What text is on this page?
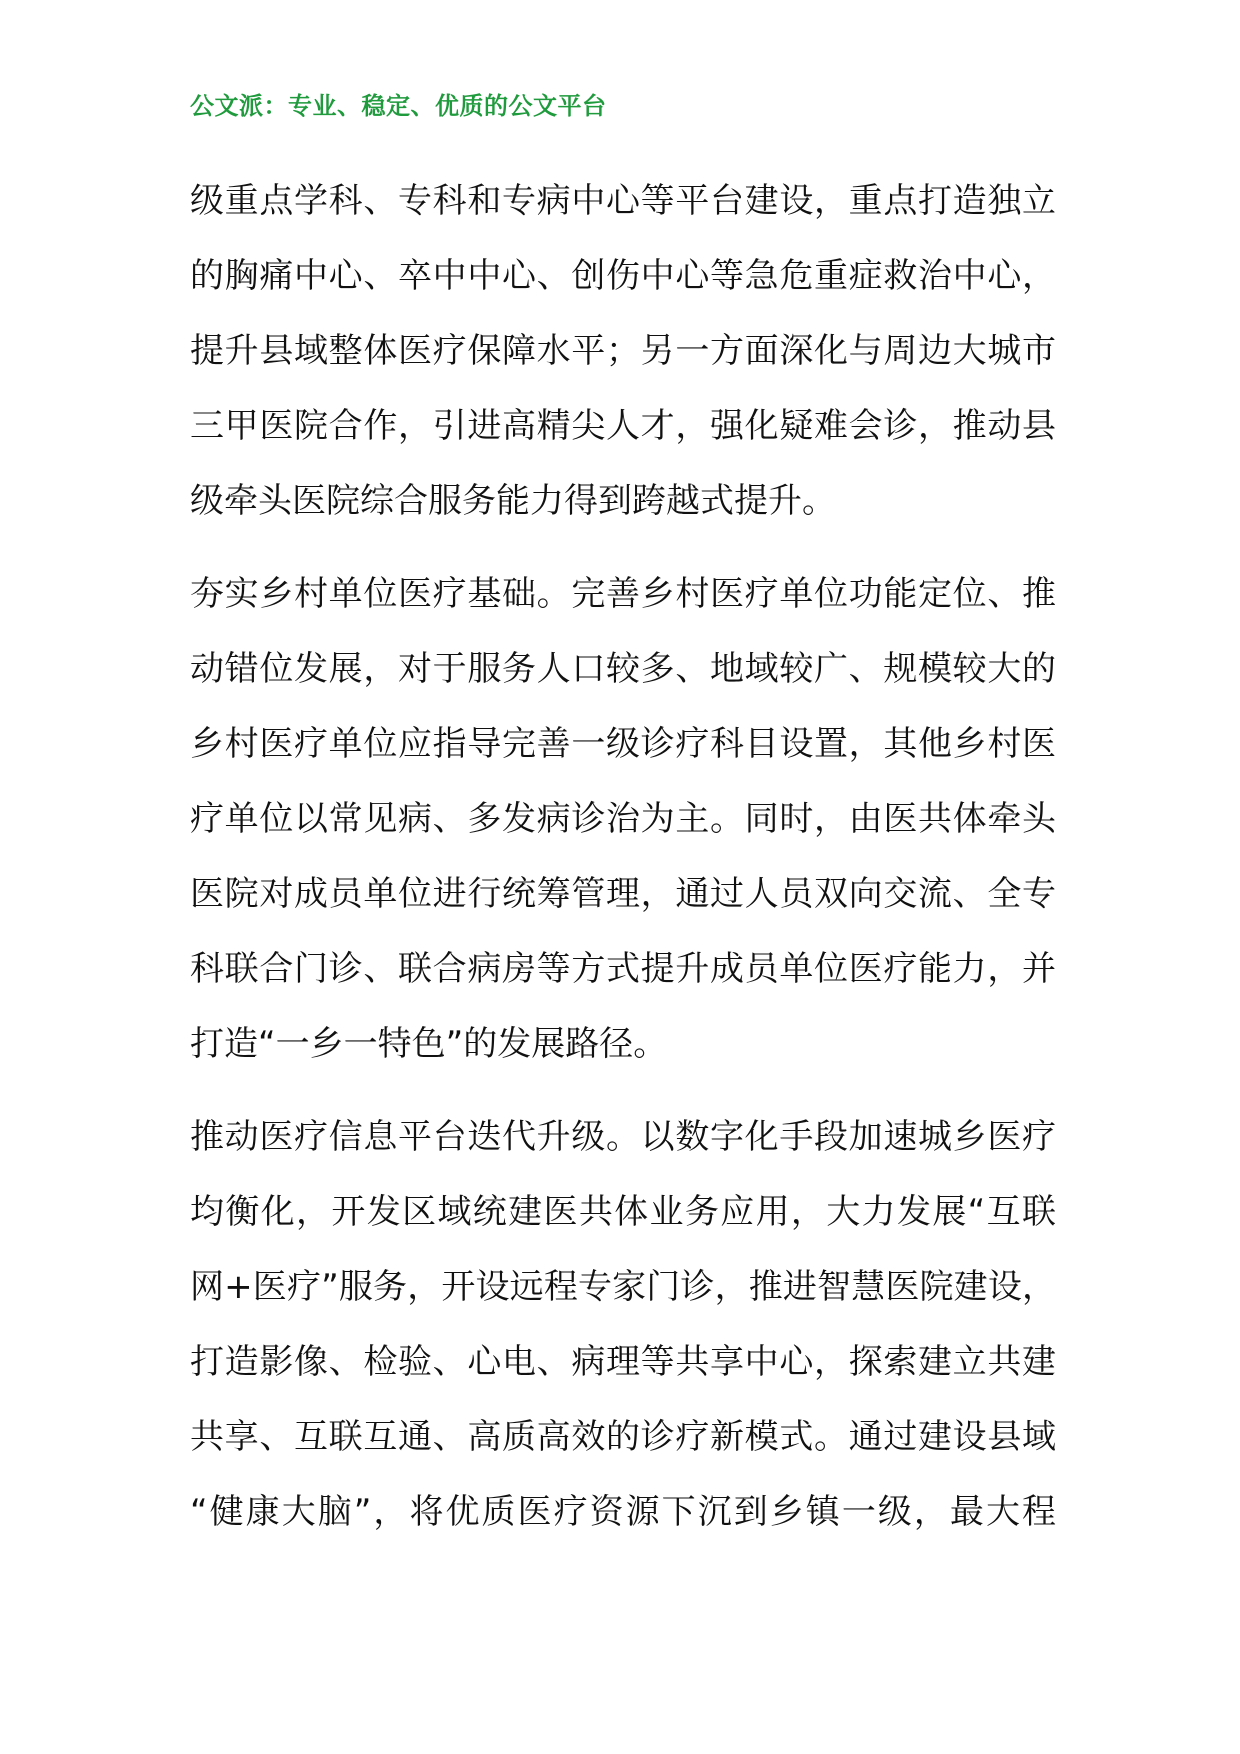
公文派：专业、稳定、优质的公文平台
级重点学科、专科和专病中心等平台建设，重点打造独立
的胸痛中心、卒中中心、创伤中心等急危重症救治中心，
提升县域整体医疗保障水平；另一方面深化与周边大城市
三甲医院合作，引进高精尖人才，强化疑难会诊，推动县
级牵头医院综合服务能力得到跨越式提升。
夯实乡村单位医疗基础。完善乡村医疗单位功能定位、推
动错位发展，对于服务人口较多、地域较广、规模较大的
乡村医疗单位应指导完善一级诊疗科目设置，其他乡村医
疗单位以常见病、多发病诊治为主。同时，由医共体牵头
医院对成员单位进行统筹管理，通过人员双向交流、全专
科联合门诊、联合病房等方式提升成员单位医疗能力，并
打造“一乡一特色”的发展路径。
推动医疗信息平台迭代升级。以数字化手段加速城乡医疗
均衡化，开发区域统建医共体业务应用，大力发展“互联
网+医疗”服务，开设远程专家门诊，推进智慧医院建设，
打造影像、检验、心电、病理等共享中心，探索建立共建
共享、互联互通、高质高效的诊疗新模式。通过建设县域
“健康大脑”，将优质医疗资源下沉到乡镇一级，最大程
